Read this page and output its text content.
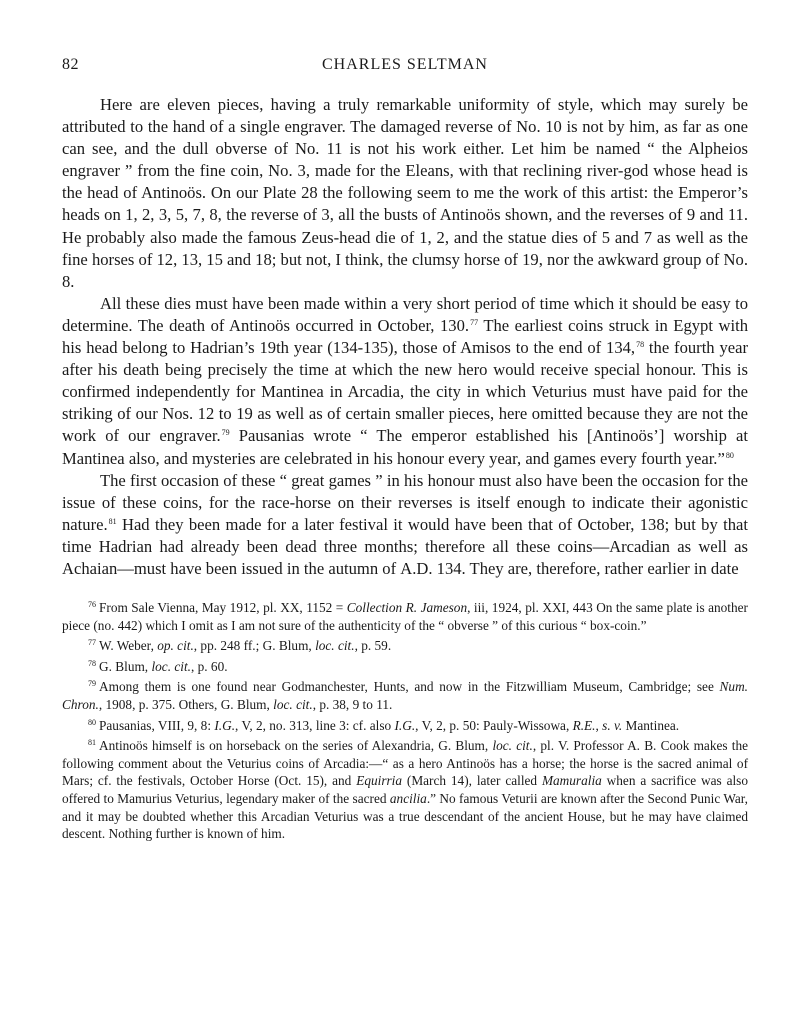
82	CHARLES SELTMAN

Here are eleven pieces, having a truly remarkable uniformity of style, which may surely be attributed to the hand of a single engraver. The damaged reverse of No. 10 is not by him, as far as one can see, and the dull obverse of No. 11 is not his work either. Let him be named “ the Alpheios engraver ” from the fine coin, No. 3, made for the Eleans, with that reclining river-god whose head is the head of Antinoös. On our Plate 28 the following seem to me the work of this artist: the Emperor’s heads on 1, 2, 3, 5, 7, 8, the reverse of 3, all the busts of Antinoös shown, and the reverses of 9 and 11. He probably also made the famous Zeus-head die of 1, 2, and the statue dies of 5 and 7 as well as the fine horses of 12, 13, 15 and 18; but not, I think, the clumsy horse of 19, nor the awkward group of No. 8.

All these dies must have been made within a very short period of time which it should be easy to determine. The death of Antinoös occurred in October, 130.77 The earliest coins struck in Egypt with his head belong to Hadrian’s 19th year (134-135), those of Amisos to the end of 134,78 the fourth year after his death being precisely the time at which the new hero would receive special honour. This is confirmed independently for Mantinea in Arcadia, the city in which Veturius must have paid for the striking of our Nos. 12 to 19 as well as of certain smaller pieces, here omitted because they are not the work of our engraver.$^{79}$ Pausanias wrote “ The emperor established his [Antinoös’] worship at Mantinea also, and mysteries are celebrated in his honour every year, and games every fourth year.”$^{80}$

The first occasion of these “ great games ” in his honour must also have been the occasion for the issue of these coins, for the race-horse on their reverses is itself enough to indicate their agonistic nature.$^{81}$ Had they been made for a later festival it would have been that of October, 138; but by that time Hadrian had already been dead three months; therefore all these coins—Arcadian as well as Achaian—must have been issued in the autumn of A.D. 134. They are, therefore, rather earlier in date

$^{76}$ From Sale Vienna, May 1912, pl. XX, 1152 = Collection R. Jameson, iii, 1924, pl. XXI, 443 On the same plate is another piece (no. 442) which I omit as I am not sure of the authenticity of the “ obverse ” of this curious “ box-coin.”

$^{77}$ W. Weber, op. cit., pp. 248 ff.; G. Blum, loc. cit., p. 59.

$^{78}$ G. Blum, loc. cit., p. 60.

$^{79}$ Among them is one found near Godmanchester, Hunts, and now in the Fitzwilliam Museum, Cambridge; see Num. Chron., 1908, p. 375. Others, G. Blum, loc. cit., p. 38, 9 to 11.

$^{80}$ Pausanias, VIII, 9, 8: I.G., V, 2, no. 313, line 3: cf. also I.G., V, 2, p. 50: Pauly-Wissowa, R.E., s. v. Mantinea.

$^{81}$ Antinoös himself is on horseback on the series of Alexandria, G. Blum, loc. cit., pl. V. Professor A. B. Cook makes the following comment about the Veturius coins of Arcadia:—“ as a hero Antinoös has a horse; the horse is the sacred animal of Mars; cf. the festivals, October Horse (Oct. 15), and Equirria (March 14), later called Mamuralia when a sacrifice was also offered to Mamurius Veturius, legendary maker of the sacred ancilia.” No famous Veturii are known after the Second Punic War, and it may be doubted whether this Arcadian Veturius was a true descendant of the ancient House, but he may have claimed descent. Nothing further is known of him.
